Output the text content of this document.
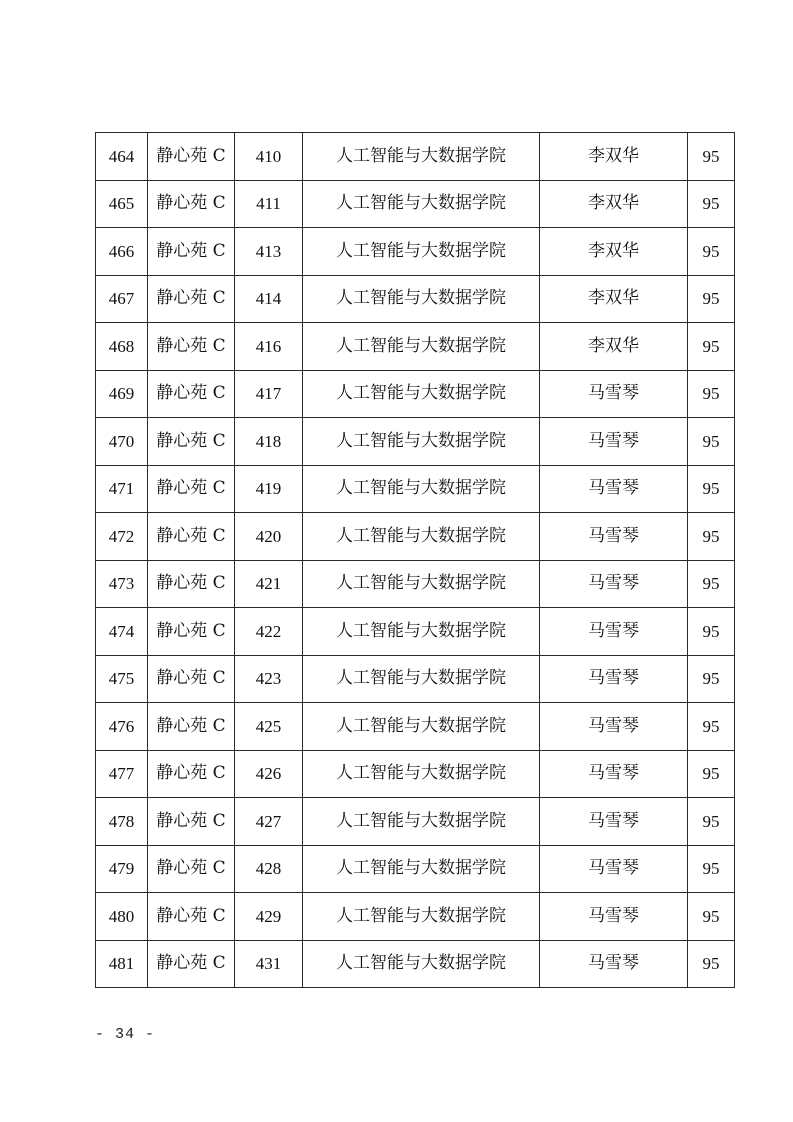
464	静心苑 C	410	人工智能与大数据学院	李双华	95
465	静心苑 C	411	人工智能与大数据学院	李双华	95
466	静心苑 C	413	人工智能与大数据学院	李双华	95
467	静心苑 C	414	人工智能与大数据学院	李双华	95
468	静心苑 C	416	人工智能与大数据学院	李双华	95
469	静心苑 C	417	人工智能与大数据学院	马雪琴	95
470	静心苑 C	418	人工智能与大数据学院	马雪琴	95
471	静心苑 C	419	人工智能与大数据学院	马雪琴	95
472	静心苑 C	420	人工智能与大数据学院	马雪琴	95
473	静心苑 C	421	人工智能与大数据学院	马雪琴	95
474	静心苑 C	422	人工智能与大数据学院	马雪琴	95
475	静心苑 C	423	人工智能与大数据学院	马雪琴	95
476	静心苑 C	425	人工智能与大数据学院	马雪琴	95
477	静心苑 C	426	人工智能与大数据学院	马雪琴	95
478	静心苑 C	427	人工智能与大数据学院	马雪琴	95
479	静心苑 C	428	人工智能与大数据学院	马雪琴	95
480	静心苑 C	429	人工智能与大数据学院	马雪琴	95
481	静心苑 C	431	人工智能与大数据学院	马雪琴	95
- 34 -
